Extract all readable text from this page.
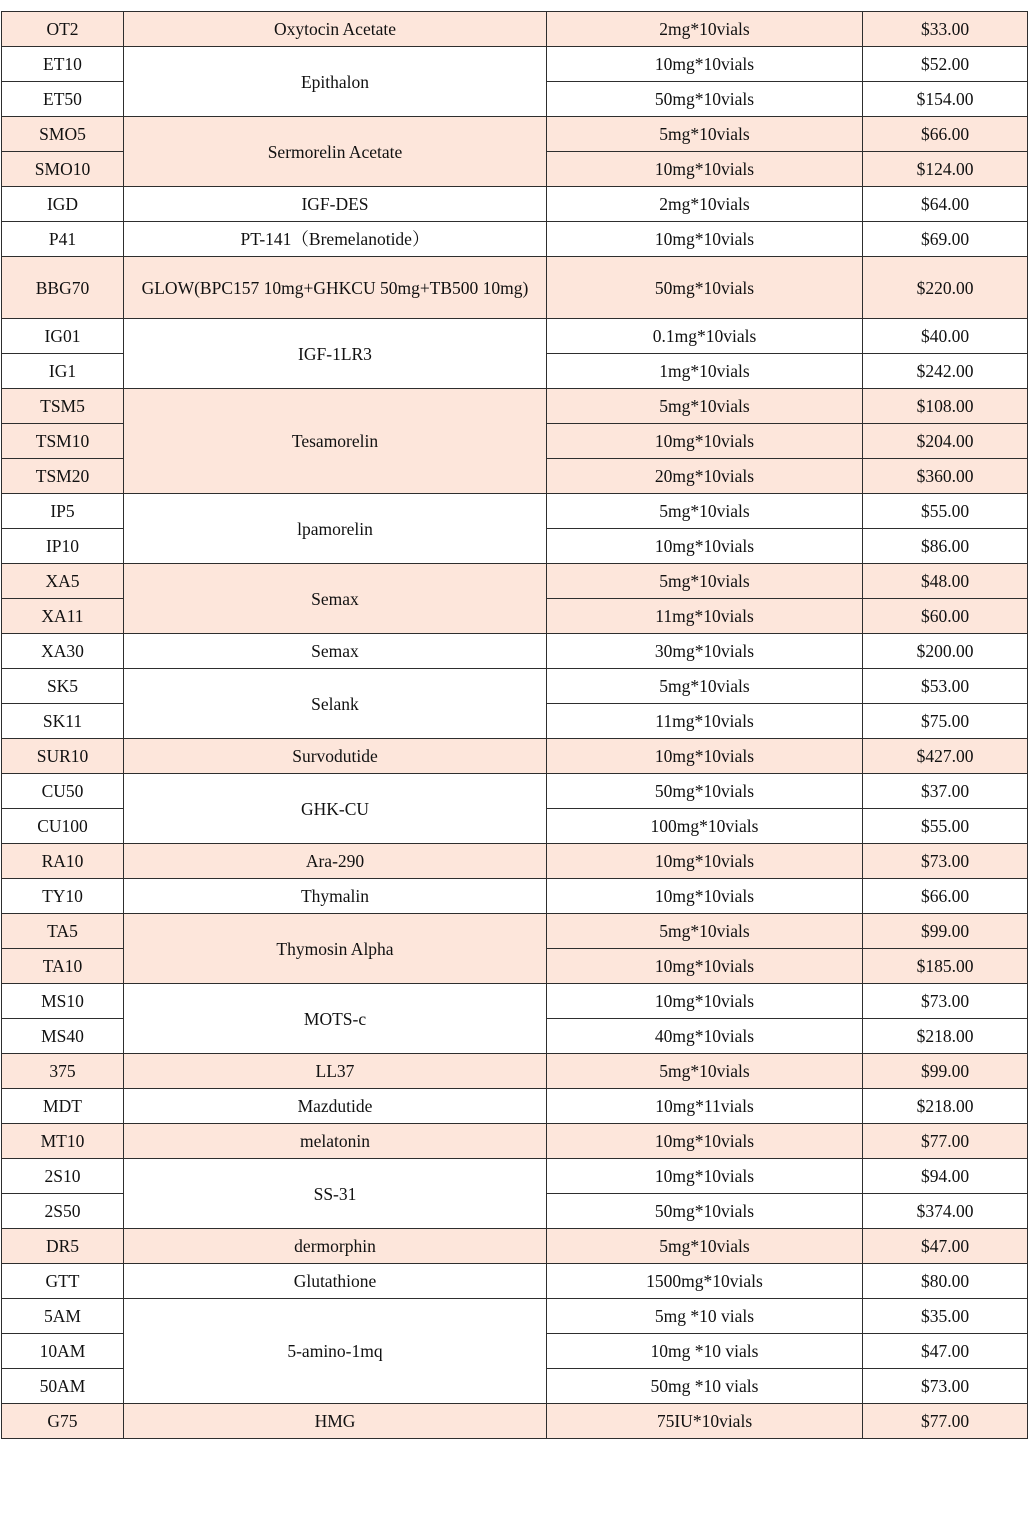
OT2	Oxytocin Acetate	2mg*10vials	$33.00
ET10	Epithalon	10mg*10vials	$52.00
ET50		50mg*10vials	$154.00
SMO5	Sermorelin Acetate	5mg*10vials	$66.00
SMO10		10mg*10vials	$124.00
IGD	IGF-DES	2mg*10vials	$64.00
P41	PT-141（Bremelanotide）	10mg*10vials	$69.00
BBG70	GLOW(BPC157 10mg+GHKCU 50mg+TB500 10mg)	50mg*10vials	$220.00
IG01	IGF-1LR3	0.1mg*10vials	$40.00
IG1		1mg*10vials	$242.00
TSM5	Tesamorelin	5mg*10vials	$108.00
TSM10		10mg*10vials	$204.00
TSM20		20mg*10vials	$360.00
IP5	lpamorelin	5mg*10vials	$55.00
IP10		10mg*10vials	$86.00
XA5	Semax	5mg*10vials	$48.00
XA11		11mg*10vials	$60.00
XA30	Semax	30mg*10vials	$200.00
SK5	Selank	5mg*10vials	$53.00
SK11		11mg*10vials	$75.00
SUR10	Survodutide	10mg*10vials	$427.00
CU50	GHK-CU	50mg*10vials	$37.00
CU100		100mg*10vials	$55.00
RA10	Ara-290	10mg*10vials	$73.00
TY10	Thymalin	10mg*10vials	$66.00
TA5	Thymosin Alpha	5mg*10vials	$99.00
TA10		10mg*10vials	$185.00
MS10	MOTS-c	10mg*10vials	$73.00
MS40		40mg*10vials	$218.00
375	LL37	5mg*10vials	$99.00
MDT	Mazdutide	10mg*11vials	$218.00
MT10	melatonin	10mg*10vials	$77.00
2S10	SS-31	10mg*10vials	$94.00
2S50		50mg*10vials	$374.00
DR5	dermorphin	5mg*10vials	$47.00
GTT	Glutathione	1500mg*10vials	$80.00
5AM	5-amino-1mq	5mg *10 vials	$35.00
10AM		10mg *10 vials	$47.00
50AM		50mg *10 vials	$73.00
G75	HMG	75IU*10vials	$77.00
